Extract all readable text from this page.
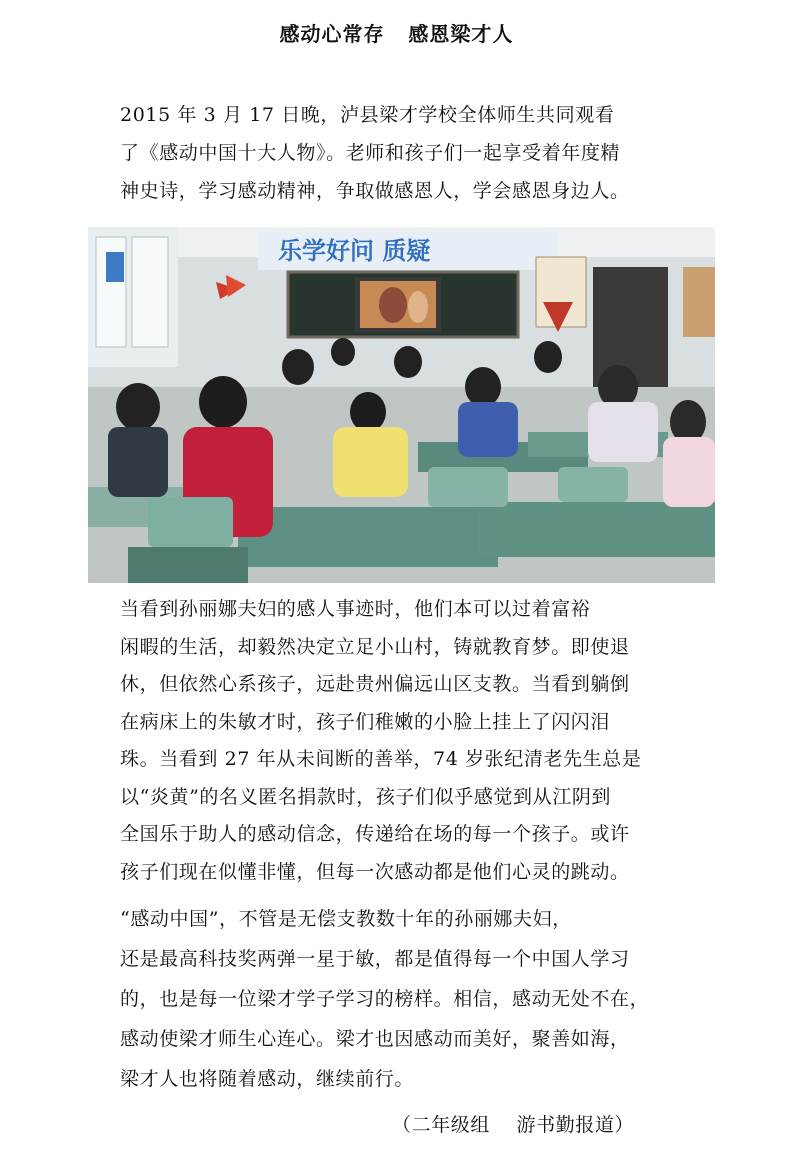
感动心常存   感恩梁才人
2015 年 3 月 17 日晚，泸县梁才学校全体师生共同观看
了《感动中国十大人物》。老师和孩子们一起享受着年度精
神史诗，学习感动精神，争取做感恩人，学会感恩身边人。
乐学好问 质疑
当看到孙丽娜夫妇的感人事迹时，他们本可以过着富裕
闲暇的生活，却毅然决定立足小山村，铸就教育梦。即使退
休，但依然心系孩子，远赴贵州偏远山区支教。当看到躺倒
在病床上的朱敏才时，孩子们稚嫩的小脸上挂上了闪闪泪
珠。当看到 27 年从未间断的善举，74 岁张纪清老先生总是
以“炎黄”的名义匿名捐款时，孩子们似乎感觉到从江阴到
全国乐于助人的感动信念，传递给在场的每一个孩子。或许
孩子们现在似懂非懂，但每一次感动都是他们心灵的跳动。
“感动中国”，不管是无偿支教数十年的孙丽娜夫妇，
还是最高科技奖两弹一星于敏，都是值得每一个中国人学习
的，也是每一位梁才学子学习的榜样。相信，感动无处不在，
感动使梁才师生心连心。梁才也因感动而美好，聚善如海，
梁才人也将随着感动，继续前行。
（二年级组    游书勤报道）
